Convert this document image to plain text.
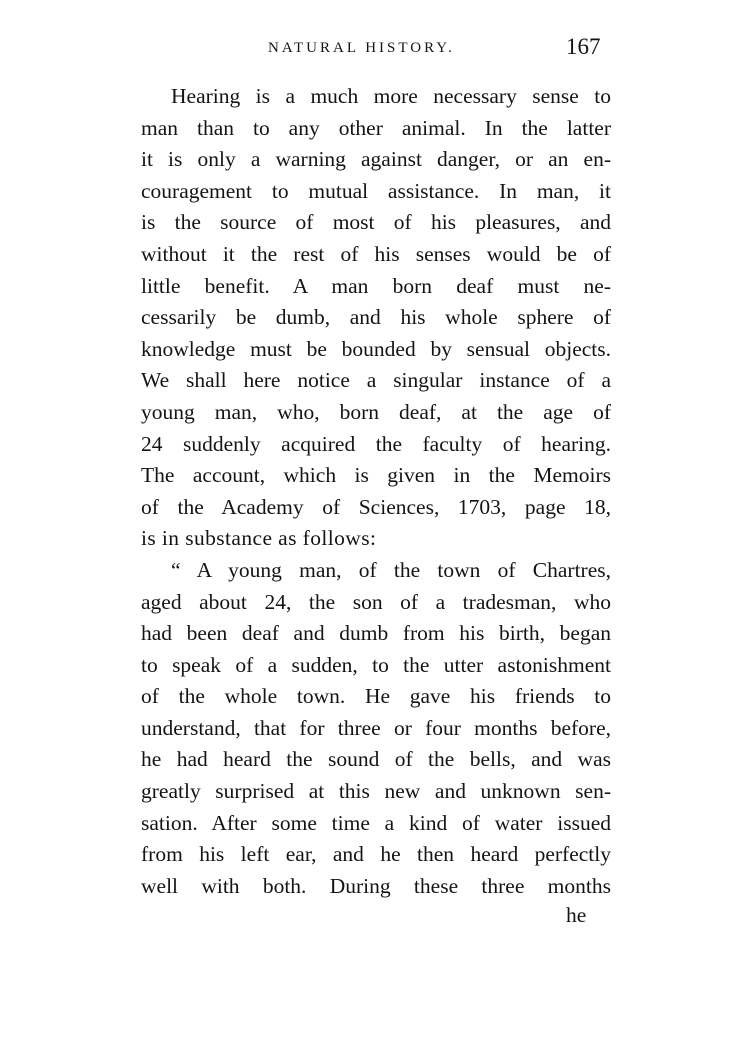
NATURAL HISTORY.	167
Hearing is a much more necessary sense to
man than to any other animal. In the latter
it is only a warning against danger, or an en-
couragement to mutual assistance. In man, it
is the source of most of his pleasures, and
without it the rest of his senses would be of
little benefit. A man born deaf must ne-
cessarily be dumb, and his whole sphere of
knowledge must be bounded by sensual objects.
We shall here notice a singular instance of a
young man, who, born deaf, at the age of
24 suddenly acquired the faculty of hearing.
The account, which is given in the Memoirs
of the Academy of Sciences, 1703, page 18,
is in substance as follows:
“ A young man, of the town of Chartres,
aged about 24, the son of a tradesman, who
had been deaf and dumb from his birth, began
to speak of a sudden, to the utter astonishment
of the whole town. He gave his friends to
understand, that for three or four months before,
he had heard the sound of the bells, and was
greatly surprised at this new and unknown sen-
sation. After some time a kind of water issued
from his left ear, and he then heard perfectly
well with both. During these three months
he
